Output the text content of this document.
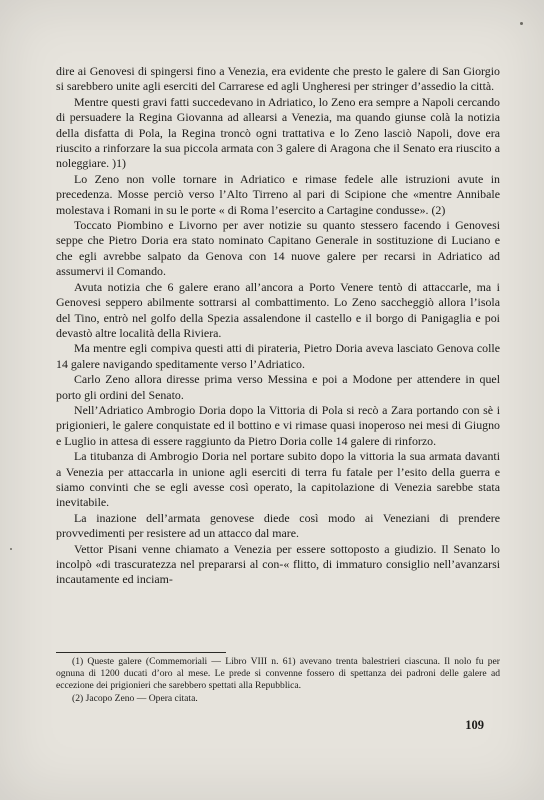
dire ai Genovesi di spingersi fino a Venezia, era evidente che presto le galere di San Giorgio si sarebbero unite agli eserciti del Carrarese ed agli Ungheresi per stringer d’assedio la città.

Mentre questi gravi fatti succedevano in Adriatico, lo Zeno era sempre a Napoli cercando di persuadere la Regina Giovanna ad allearsi a Venezia, ma quando giunse colà la notizia della disfatta di Pola, la Regina troncò ogni trattativa e lo Zeno lasciò Napoli, dove era riuscito a rinforzare la sua piccola armata con 3 galere di Aragona che il Senato era riuscito a noleggiare. )1)

Lo Zeno non volle tornare in Adriatico e rimase fedele alle istruzioni avute in precedenza. Mosse perciò verso l’Alto Tirreno al pari di Scipione che «mentre Annibale molestava i Romani in su le porte « di Roma l’esercito a Cartagine condusse». (2)

Toccato Piombino e Livorno per aver notizie su quanto stessero facendo i Genovesi seppe che Pietro Doria era stato nominato Capitano Generale in sostituzione di Luciano e che egli avrebbe salpato da Genova con 14 nuove galere per recarsi in Adriatico ad assumervi il Comando.

Avuta notizia che 6 galere erano all’ancora a Porto Venere tentò di attaccarle, ma i Genovesi seppero abilmente sottrarsi al combattimento. Lo Zeno saccheggiò allora l’isola del Tino, entrò nel golfo della Spezia assalendone il castello e il borgo di Panigaglia e poi devastò altre località della Riviera.

Ma mentre egli compiva questi atti di pirateria, Pietro Doria aveva lasciato Genova colle 14 galere navigando speditamente verso l’Adriatico.

Carlo Zeno allora diresse prima verso Messina e poi a Modone per attendere in quel porto gli ordini del Senato.

Nell’Adriatico Ambrogio Doria dopo la Vittoria di Pola si recò a Zara portando con sè i prigionieri, le galere conquistate ed il bottino e vi rimase quasi inoperoso nei mesi di Giugno e Luglio in attesa di essere raggiunto da Pietro Doria colle 14 galere di rinforzo.

La titubanza di Ambrogio Doria nel portare subito dopo la vittoria la sua armata davanti a Venezia per attaccarla in unione agli eserciti di terra fu fatale per l’esito della guerra e siamo convinti che se egli avesse così operato, la capitolazione di Venezia sarebbe stata inevitabile.

La inazione dell’armata genovese diede così modo ai Veneziani di prendere provvedimenti per resistere ad un attacco dal mare.

Vettor Pisani venne chiamato a Venezia per essere sottoposto a giudizio. Il Senato lo incolpò «di trascuratezza nel prepararsi al con-« flitto, di immaturo consiglio nell’avanzarsi incautamente ed inciam-

(1) Queste galere (Commemoriali — Libro VIII n. 61) avevano trenta balestrieri ciascuna. Il nolo fu per ognuna di 1200 ducati d’oro al mese. Le prede si convenne fossero di spettanza dei padroni delle galere ad eccezione dei prigionieri che sarebbero spettati alla Repubblica.

(2) Jacopo Zeno — Opera citata.

109
